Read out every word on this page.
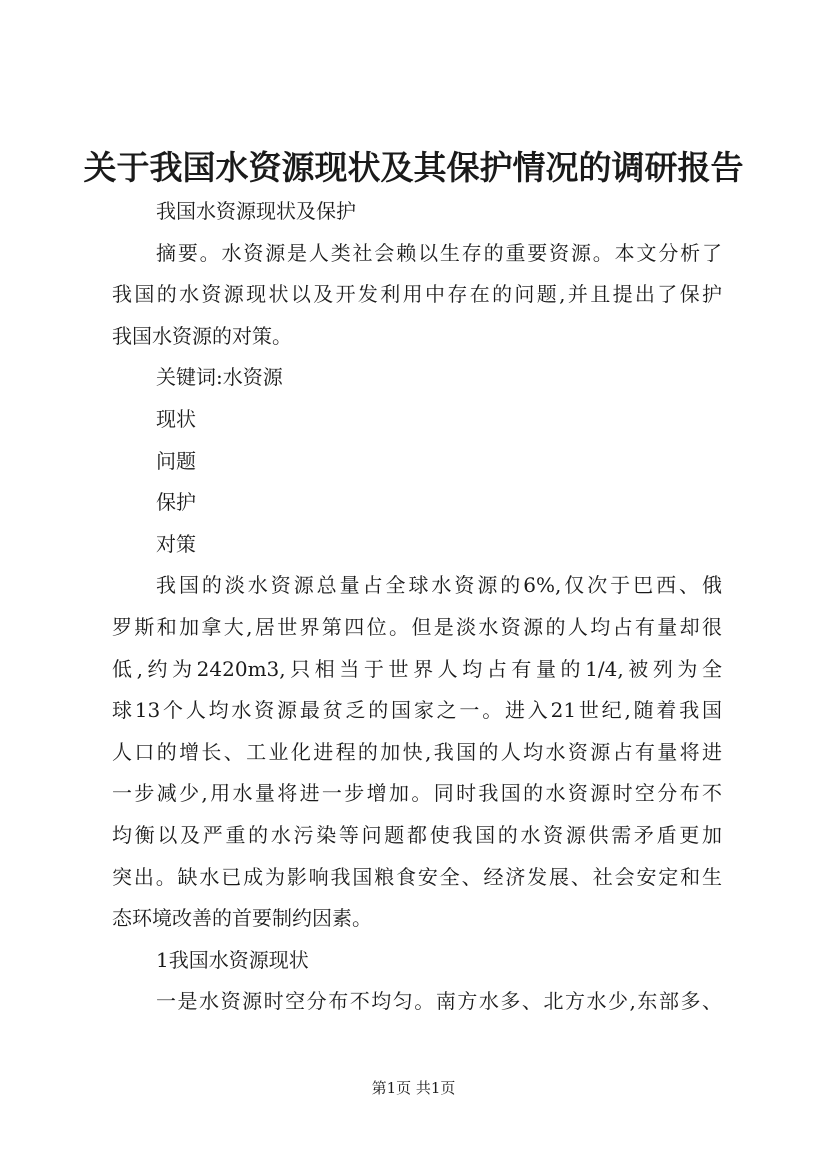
关于我国水资源现状及其保护情况的调研报告
我国水资源现状及保护
摘要。水资源是人类社会赖以生存的重要资源。本文分析了
我国的水资源现状以及开发利用中存在的问题,并且提出了保护
我国水资源的对策。
关键词:水资源
现状
问题
保护
对策
我国的淡水资源总量占全球水资源的6%,仅次于巴西、俄
罗斯和加拿大,居世界第四位。但是淡水资源的人均占有量却很
低,约为2420m3,只相当于世界人均占有量的1/4,被列为全
球13个人均水资源最贫乏的国家之一。进入21世纪,随着我国
人口的增长、工业化进程的加快,我国的人均水资源占有量将进
一步减少,用水量将进一步增加。同时我国的水资源时空分布不
均衡以及严重的水污染等问题都使我国的水资源供需矛盾更加
突出。缺水已成为影响我国粮食安全、经济发展、社会安定和生
态环境改善的首要制约因素。
1我国水资源现状
一是水资源时空分布不均匀。南方水多、北方水少,东部多、
第1页 共1页
